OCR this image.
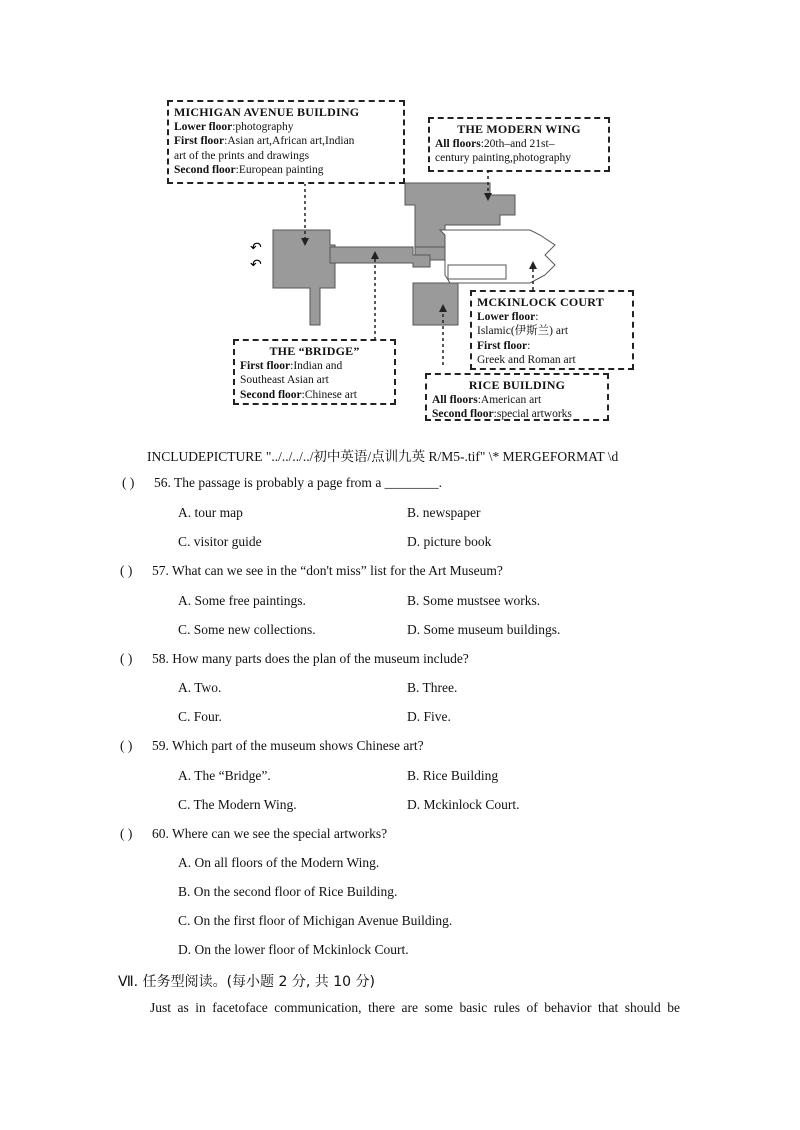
↶
↶
MICHIGAN AVENUE BUILDING
Lower floor:photography
First floor:Asian art,African art,Indian
art of the prints and drawings
Second floor:European painting
THE MODERN WING
All floors:20th–and 21st–
century painting,photography
MCKINLOCK COURT
Lower floor:
Islamic(伊斯兰) art
First floor:
Greek and Roman art
THE “BRIDGE”
First floor:Indian and
Southeast Asian art
Second floor:Chinese art
RICE BUILDING
All floors:American art
Second floor:special artworks
INCLUDEPICTURE "../../../../初中英语/点训九英 R/M5-.tif" \* MERGEFORMAT \d
( ) 56. The passage is probably a page from a ________.
A. tour map	B. newspaper
C. visitor guide	D. picture book
( ) 57. What can we see in the “don't miss” list for the Art Museum?
A. Some free paintings.	B. Some mustsee works.
C. Some new collections.	D. Some museum buildings.
( ) 58. How many parts does the plan of the museum include?
A. Two.	B. Three.
C. Four.	D. Five.
( ) 59. Which part of the museum shows Chinese art?
A. The “Bridge”.	B. Rice Building
C. The Modern Wing.	D. Mckinlock Court.
( ) 60. Where can we see the special artworks?
A. On all floors of the Modern Wing.
B. On the second floor of Rice Building.
C. On the first floor of Michigan Avenue Building.
D. On the lower floor of Mckinlock Court.
Ⅶ. 任务型阅读。(每小题 2 分, 共 10 分)
Just as in facetoface communication, there are some basic rules of behavior that should be
